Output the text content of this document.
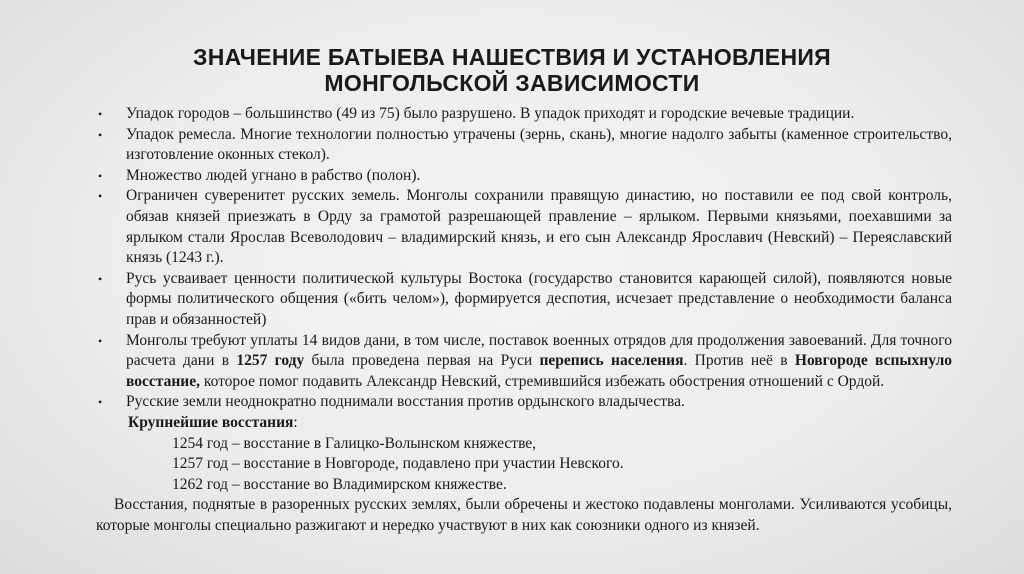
ЗНАЧЕНИЕ БАТЫЕВА НАШЕСТВИЯ И УСТАНОВЛЕНИЯ
МОНГОЛЬСКОЙ ЗАВИСИМОСТИ
• Упадок городов – большинство (49 из 75) было разрушено. В упадок приходят и городские вечевые традиции.
• Упадок ремесла. Многие технологии полностью утрачены (зернь, скань), многие надолго забыты (каменное строительство, изготовление оконных стекол).
• Множество людей угнано в рабство (полон).
• Ограничен суверенитет русских земель. Монголы сохранили правящую династию, но поставили ее под свой контроль, обязав князей приезжать в Орду за грамотой разрешающей правление – ярлыком. Первыми князьями, поехавшими за ярлыком стали Ярослав Всеволодович – владимирский князь, и его сын Александр Ярославич (Невский) – Переяславский князь (1243 г.).
• Русь усваивает ценности политической культуры Востока (государство становится карающей силой), появляются новые формы политического общения («бить челом»), формируется деспотия, исчезает представление о необходимости баланса прав и обязанностей)
• Монголы требуют уплаты 14 видов дани, в том числе, поставок военных отрядов для продолжения завоеваний. Для точного расчета дани в 1257 году была проведена первая на Руси перепись населения. Против неё в Новгороде вспыхнуло восстание, которое помог подавить Александр Невский, стремившийся избежать обострения отношений с Ордой.
• Русские земли неоднократно поднимали восстания против ордынского владычества.
Крупнейшие восстания:
1254 год – восстание в Галицко-Волынском княжестве,
1257 год – восстание в Новгороде, подавлено при участии Невского.
1262 год – восстание во Владимирском княжестве.
Восстания, поднятые в разоренных русских землях, были обречены и жестоко подавлены монголами. Усиливаются усобицы, которые монголы специально разжигают и нередко участвуют в них как союзники одного из князей.
